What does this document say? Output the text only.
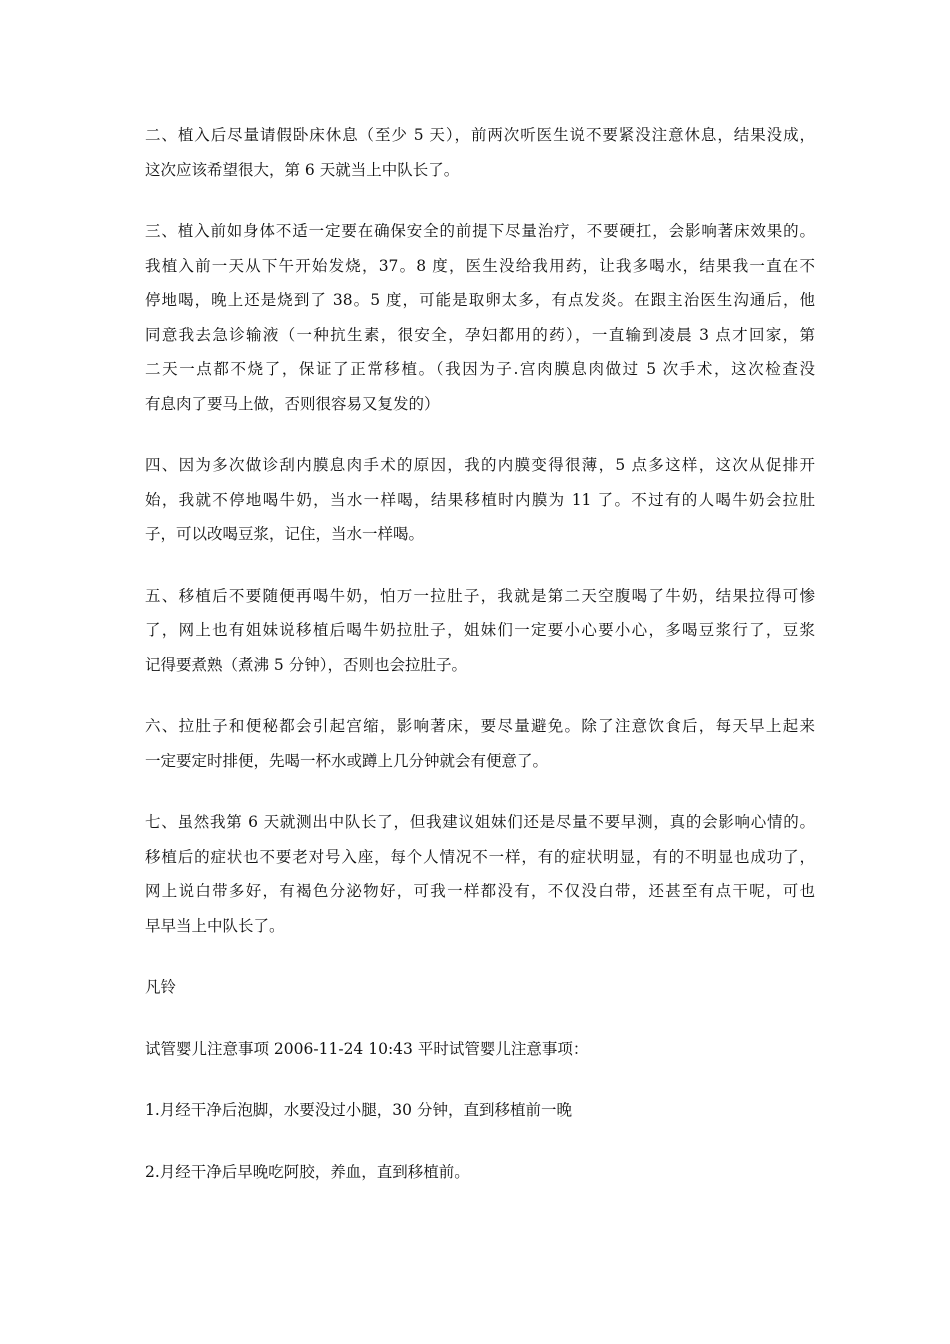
二、植入后尽量请假卧床休息（至少 5 天），前两次听医生说不要紧没注意休息，结果没成，
这次应该希望很大，第 6 天就当上中队长了。
三、植入前如身体不适一定要在确保安全的前提下尽量治疗，不要硬扛，会影响著床效果的。
我植入前一天从下午开始发烧，37。8 度，医生没给我用药，让我多喝水，结果我一直在不
停地喝，晚上还是烧到了 38。5 度，可能是取卵太多，有点发炎。在跟主治医生沟通后，他
同意我去急诊输液（一种抗生素，很安全，孕妇都用的药），一直输到凌晨 3 点才回家，第
二天一点都不烧了，保证了正常移植。（我因为子.宫肉膜息肉做过 5 次手术，这次检查没
有息肉了要马上做，否则很容易又复发的）
四、因为多次做诊刮内膜息肉手术的原因，我的内膜变得很薄，5 点多这样，这次从促排开
始，我就不停地喝牛奶，当水一样喝，结果移植时内膜为 11 了。不过有的人喝牛奶会拉肚
子，可以改喝豆浆，记住，当水一样喝。
五、移植后不要随便再喝牛奶，怕万一拉肚子，我就是第二天空腹喝了牛奶，结果拉得可惨
了，网上也有姐妹说移植后喝牛奶拉肚子，姐妹们一定要小心要小心，多喝豆浆行了，豆浆
记得要煮熟（煮沸 5 分钟），否则也会拉肚子。
六、拉肚子和便秘都会引起宫缩，影响著床，要尽量避免。除了注意饮食后，每天早上起来
一定要定时排便，先喝一杯水或蹲上几分钟就会有便意了。
七、虽然我第 6 天就测出中队长了，但我建议姐妹们还是尽量不要早测，真的会影响心情的。
移植后的症状也不要老对号入座，每个人情况不一样，有的症状明显，有的不明显也成功了，
网上说白带多好，有褐色分泌物好，可我一样都没有，不仅没白带，还甚至有点干呢，可也
早早当上中队长了。
凡铃
试管婴儿注意事项 2006-11-24 10:43 平时试管婴儿注意事项：
1.月经干净后泡脚，水要没过小腿，30 分钟，直到移植前一晚
2.月经干净后早晚吃阿胶，养血，直到移植前。
